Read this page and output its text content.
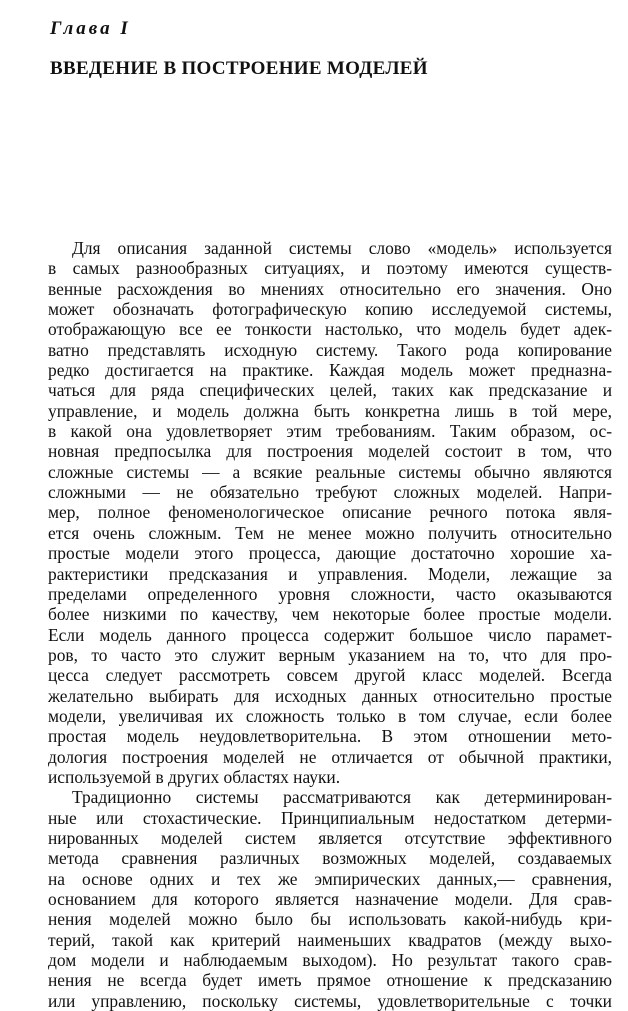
Глава I
ВВЕДЕНИЕ В ПОСТРОЕНИЕ МОДЕЛЕЙ
Для описания заданной системы слово «модель» используется
в самых разнообразных ситуациях, и поэтому имеются существ-
венные расхождения во мнениях относительно его значения. Оно
может обозначать фотографическую копию исследуемой системы,
отображающую все ее тонкости настолько, что модель будет адек-
ватно представлять исходную систему. Такого рода копирование
редко достигается на практике. Каждая модель может предназна-
чаться для ряда специфических целей, таких как предсказание и
управление, и модель должна быть конкретна лишь в той мере,
в какой она удовлетворяет этим требованиям. Таким образом, ос-
новная предпосылка для построения моделей состоит в том, что
сложные системы — а всякие реальные системы обычно являются
сложными — не обязательно требуют сложных моделей. Напри-
мер, полное феноменологическое описание речного потока явля-
ется очень сложным. Тем не менее можно получить относительно
простые модели этого процесса, дающие достаточно хорошие ха-
рактеристики предсказания и управления. Модели, лежащие за
пределами определенного уровня сложности, часто оказываются
более низкими по качеству, чем некоторые более простые модели.
Если модель данного процесса содержит большое число парамет-
ров, то часто это служит верным указанием на то, что для про-
цесса следует рассмотреть совсем другой класс моделей. Всегда
желательно выбирать для исходных данных относительно простые
модели, увеличивая их сложность только в том случае, если более
простая модель неудовлетворительна. В этом отношении мето-
дология построения моделей не отличается от обычной практики,
используемой в других областях науки.
Традиционно системы рассматриваются как детерминирован-
ные или стохастические. Принципиальным недостатком детерми-
нированных моделей систем является отсутствие эффективного
метода сравнения различных возможных моделей, создаваемых
на основе одних и тех же эмпирических данных,— сравнения,
основанием для которого является назначение модели. Для срав-
нения моделей можно было бы использовать какой-нибудь кри-
терий, такой как критерий наименьших квадратов (между выхо-
дом модели и наблюдаемым выходом). Но результат такого срав-
нения не всегда будет иметь прямое отношение к предсказанию
или управлению, поскольку системы, удовлетворительные с точки
